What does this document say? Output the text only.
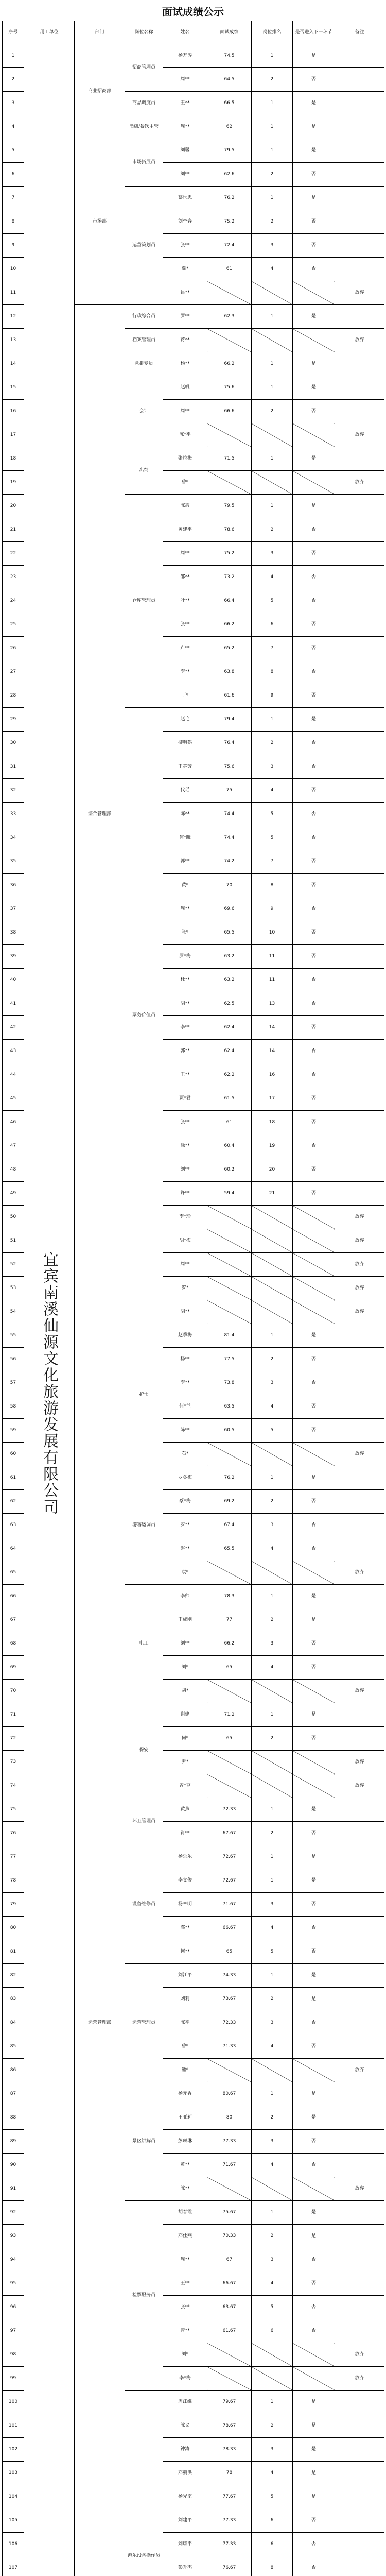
面试成绩公示
序号	用工单位	部门	岗位名称	姓名	面试成绩	岗位排名	是否进入下一环节	备注
1	宜宾南溪仙源文化旅游发展有限公司	商业招商部	招商管理员	杨万涛	74.5	1	是	
2				周**	64.5	2	否	
3			商品调度员	王**	66.5	1	是	
4			酒店/餐饮主管	周**	62	1	是	
5		市场部	市场拓展员	刘馨	79.5	1	是	
6				刘**	62.6	2	否	
7			运营策划员	蔡世忠	76.2	1	是	
8				刘**春	75.2	2	否	
9				张**	72.4	3	否	
10				冀*	61	4	否	
11				吕**				放弃
12		综合管理部	行政综合员	罗**	62.3	1	是	
13			档案管理员	蒋**				放弃
14			党群专员	杨**	66.2	1	是	
15			会计	赵帆	75.6	1	是	
16				周**	66.6	2	否	
17				陈*平				放弃
18			出纳	张拉梅	71.5	1	是	
19				曾*				放弃
20			仓库管理员	陈霞	79.5	1	是	
21				黄建平	78.6	2	否	
22				周**	75.2	3	否	
23				邵**	73.2	4	否	
24				叶**	66.4	5	否	
25				张**	66.2	6	否	
26				卢**	65.2	7	否	
27				李**	63.8	8	否	
28				丁*	61.6	9	否	
29			票务价值员	赵艳	79.4	1	是	
30				柳明鹤	76.4	2	否	
31				王芯芳	75.6	3	否	
32				代瑶	75	4	否	
33				陈**	74.4	5	否	
34				何*曦	74.4	5	否	
35				郭**	74.2	7	否	
36				黄*	70	8	否	
37				周**	69.6	9	否	
38				张*	65.5	10	否	
39				罗*梅	63.2	11	否	
40				杜**	63.2	11	否	
41				胡**	62.5	13	否	
42				李**	62.4	14	否	
43				郭**	62.4	14	否	
44				王**	62.2	16	否	
45				贾*君	61.5	17	否	
46				张**	61	18	否	
47				涂**	60.4	19	否	
48				刘**	60.2	20	否	
49				许**	59.4	21	否	
50				李*珍				放弃
51				胡*梅				放弃
52				周**				放弃
53				罗*				放弃
54				胡**				放弃
55		运营管理部	护士	赵季梅	81.4	1	是	
56				杨**	77.5	2	否	
57				李**	73.8	3	否	
58				何*兰	63.5	4	否	
59				陈**	60.5	5	否	
60				石*				放弃
61			游客运调员	罗冬梅	76.2	1	是	
62				蔡*梅	69.2	2	否	
63				罗**	67.4	3	否	
64				赵**	65.5	4	否	
65				袁*				放弃
66			电工	李师	78.3	1	是	
67				王成刚	77	2	是	
68				刘**	66.2	3	否	
69				刘*	65	4	否	
70				胡*				放弃
71			保安	谢建	71.2	1	是	
72				何*	65	2	否	
73				尹*				放弃
74				曾*豆				放弃
75			环卫管理员	黄燕	72.33	1	是	
76				肖**	67.67	2	否	
77			设备维修员	杨乐乐	72.67	1	是	
78				李文俊	72.67	1	是	
79				杨**明	71.67	3	否	
80				邓**	66.67	4	否	
81				何**	65	5	否	
82			运营管理员	刘江平	74.33	1	是	
83				刘莉	73.67	2	是	
84				陈平	72.33	3	否	
85				曾*	71.33	4	否	
86				熊*				放弃
87			景区讲解员	杨元香	80.67	1	是	
88				王亚莉	80	2	是	
89				彭琳琳	77.33	3	否	
90				黄**	71.67	4	否	
91				陈**				放弃
92			检票服务员	胡春霞	75.67	1	是	
93				邓仕燕	70.33	2	是	
94				周**	67	3	否	
95				王**	66.67	4	否	
96				张**	63.67	5	否	
97				曾**	61.67	6	否	
98				刘*				放弃
99				李*梅				放弃
100			游乐设备操作员	周江维	79.67	1	是	
101				陈义	78.67	2	是	
102				钟涛	78.33	3	是	
103				邓魏洪	78	4	是	
104				杨光宗	77.67	5	是	
105				刘建平	77.33	6	否	
106				刘康平	77.33	6	否	
107				彭升杰	76.67	8	否	
